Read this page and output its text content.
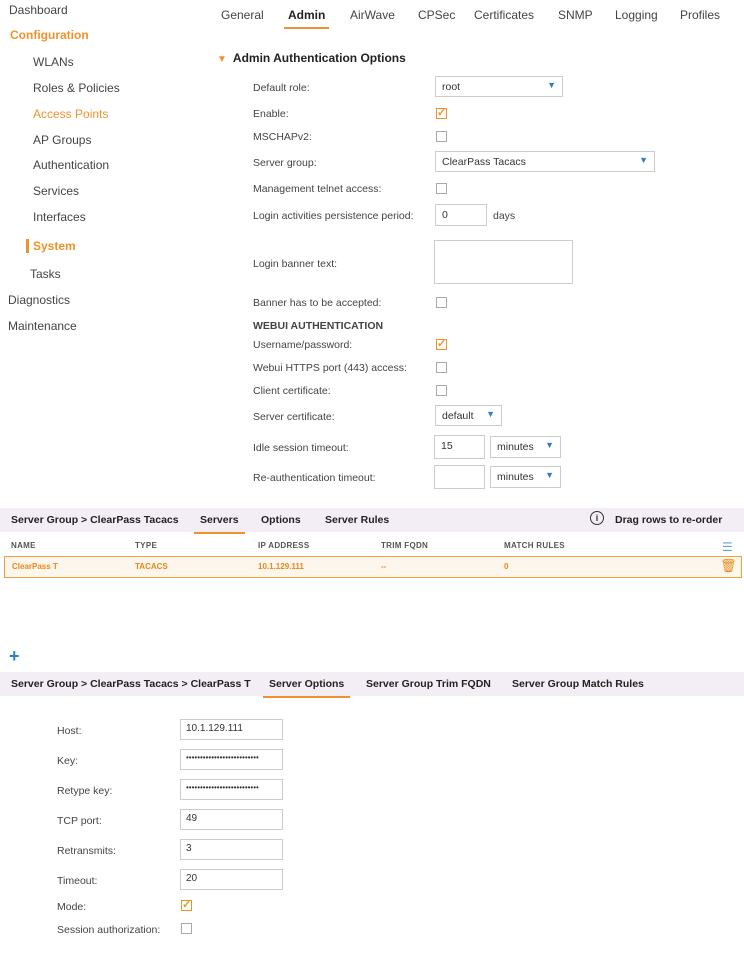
Dashboard
Configuration
WLANs
Roles & Policies
Access Points
AP Groups
Authentication
Services
Interfaces
System
Tasks
Diagnostics
Maintenance
General Admin AirWave CPSec Certificates SNMP Logging Profiles
▼ Admin Authentication Options
Default role:	root	▼
Enable:
✓
MSCHAPv2:
Server group:	ClearPass Tacacs	▼
Management telnet access:
Login activities persistence period:	0	days
Login banner text:
Banner has to be accepted:
WEBUI AUTHENTICATION
Username/password:
✓
Webui HTTPS port (443) access:
Client certificate:
Server certificate:	default ▼
Idle session timeout:	15	minutes ▼
Re-authentication timeout:	minutes ▼
Server Group > ClearPass Tacacs Servers Options Server Rules	i	Drag rows to re-order
NAME	TYPE	IP ADDRESS	TRIM FQDN	MATCH RULES	☰
ClearPass T	TACACS	10.1.129.111	--	0	🗑
+
Server Group > ClearPass Tacacs > ClearPass T Server Options Server Group Trim FQDN Server Group Match Rules
Host:	10.1.129.111
Key:	••••••••••••••••••••••••••
Retype key:	••••••••••••••••••••••••••
TCP port:	49
Retransmits:	3
Timeout:	20
Mode:
✓
Session authorization:
